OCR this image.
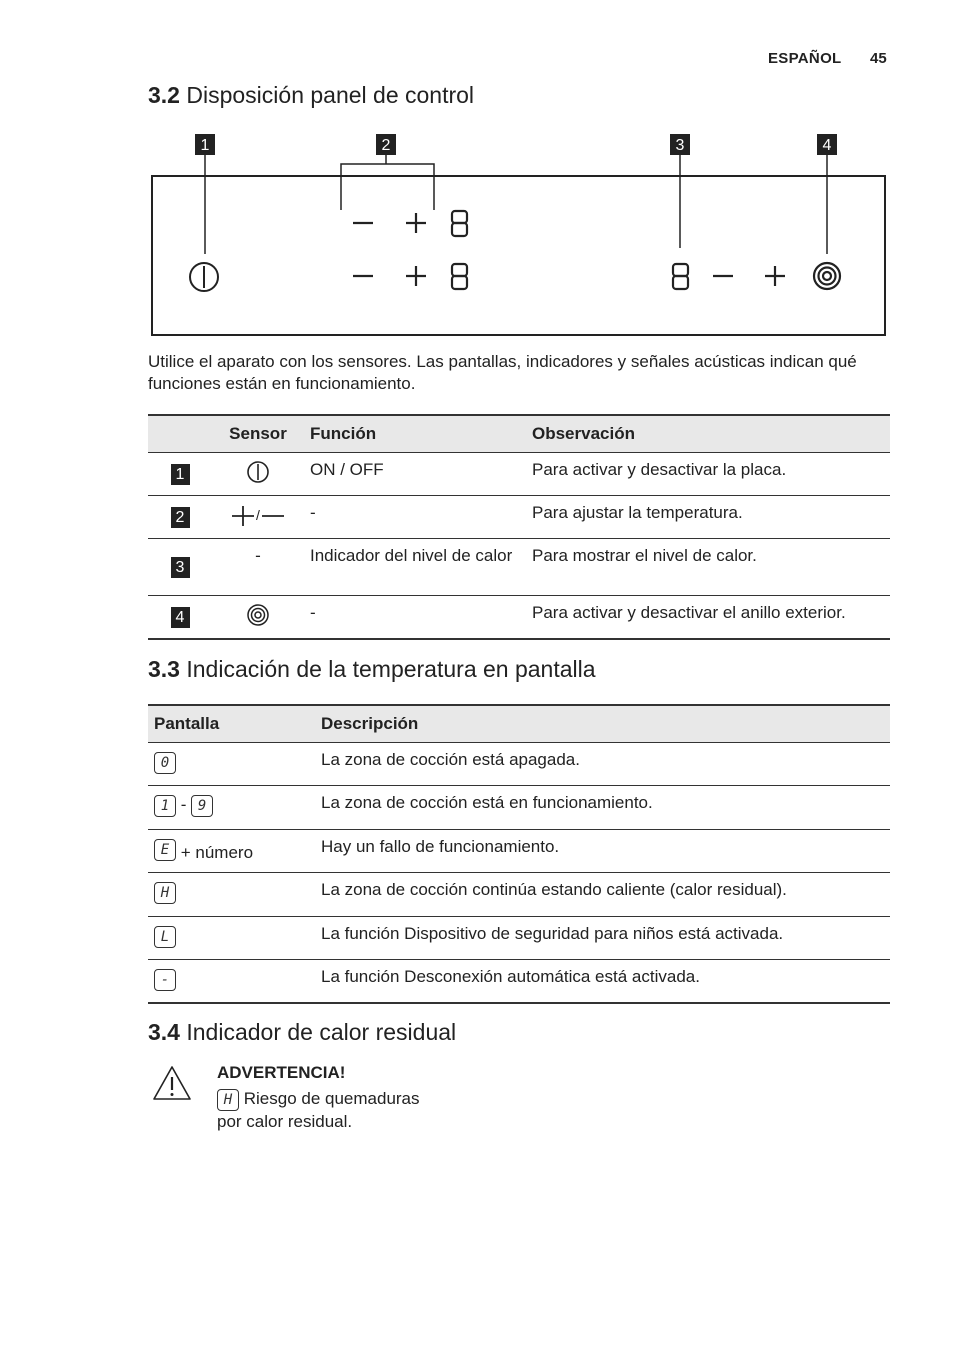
ESPAÑOL 45
3.2 Disposición panel de control
1	2	3	4
Utilice el aparato con los sensores. Las pantallas, indicadores y señales acústicas indican qué funciones están en funcionamiento.
	Sensor	Función	Observación
1		ON / OFF	Para activar y desactivar la placa.
2	/	-	Para ajustar la temperatura.
3	-	Indicador del nivel de calor	Para mostrar el nivel de calor.
4		-	Para activar y desactivar el anillo exterior.
3.3 Indicación de la temperatura en pantalla
Pantalla	Descripción
0	La zona de cocción está apagada.
1 - 9	La zona de cocción está en funcionamiento.
E + número	Hay un fallo de funcionamiento.
H	La zona de cocción continúa estando caliente (calor residual).
L	La función Dispositivo de seguridad para niños está activada.
-	La función Desconexión automática está activada.
3.4 Indicador de calor residual
ADVERTENCIA!
H Riesgo de quemaduras
por calor residual.
